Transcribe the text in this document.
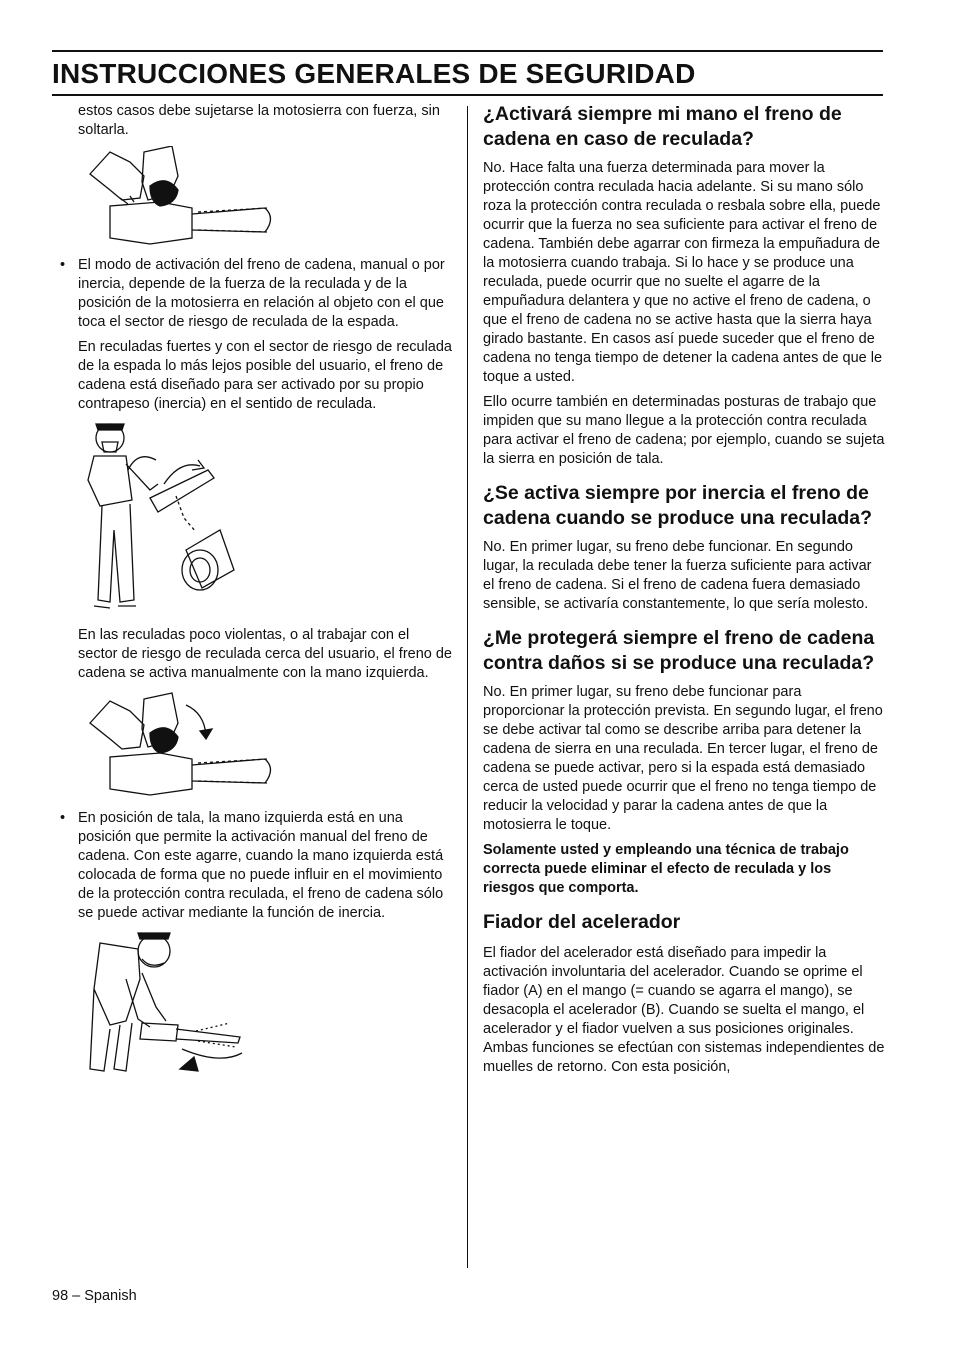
INSTRUCCIONES GENERALES DE SEGURIDAD

estos casos debe sujetarse la motosierra con fuerza, sin soltarla.

• El modo de activación del freno de cadena, manual o por inercia, depende de la fuerza de la reculada y de la posición de la motosierra en relación al objeto con el que toca el sector de riesgo de reculada de la espada.

En reculadas fuertes y con el sector de riesgo de reculada de la espada lo más lejos posible del usuario, el freno de cadena está diseñado para ser activado por su propio contrapeso (inercia) en el sentido de reculada.

En las reculadas poco violentas, o al trabajar con el sector de riesgo de reculada cerca del usuario, el freno de cadena se activa manualmente con la mano izquierda.

• En posición de tala, la mano izquierda está en una posición que permite la activación manual del freno de cadena. Con este agarre, cuando la mano izquierda está colocada de forma que no puede influir en el movimiento de la protección contra reculada, el freno de cadena sólo se puede activar mediante la función de inercia.
¿Activará siempre mi mano el freno de cadena en caso de reculada?

No. Hace falta una fuerza determinada para mover la protección contra reculada hacia adelante. Si su mano sólo roza la protección contra reculada o resbala sobre ella, puede ocurrir que la fuerza no sea suficiente para activar el freno de cadena. También debe agarrar con firmeza la empuñadura de la motosierra cuando trabaja. Si lo hace y se produce una reculada, puede ocurrir que no suelte el agarre de la empuñadura delantera y que no active el freno de cadena, o que el freno de cadena no se active hasta que la sierra haya girado bastante. En casos así puede suceder que el freno de cadena no tenga tiempo de detener la cadena antes de que le toque a usted.

Ello ocurre también en determinadas posturas de trabajo que impiden que su mano llegue a la protección contra reculada para activar el freno de cadena; por ejemplo, cuando se sujeta la sierra en posición de tala.

¿Se activa siempre por inercia el freno de cadena cuando se produce una reculada?

No. En primer lugar, su freno debe funcionar. En segundo lugar, la reculada debe tener la fuerza suficiente para activar el freno de cadena. Si el freno de cadena fuera demasiado sensible, se activaría constantemente, lo que sería molesto.

¿Me protegerá siempre el freno de cadena contra daños si se produce una reculada?

No. En primer lugar, su freno debe funcionar para proporcionar la protección prevista. En segundo lugar, el freno se debe activar tal como se describe arriba para detener la cadena de sierra en una reculada. En tercer lugar, el freno de cadena se puede activar, pero si la espada está demasiado cerca de usted puede ocurrir que el freno no tenga tiempo de reducir la velocidad y parar la cadena antes de que la motosierra le toque.

Solamente usted y empleando una técnica de trabajo correcta puede eliminar el efecto de reculada y los riesgos que comporta.

Fiador del acelerador

El fiador del acelerador está diseñado para impedir la activación involuntaria del acelerador. Cuando se oprime el fiador (A) en el mango (= cuando se agarra el mango), se desacopla el acelerador (B). Cuando se suelta el mango, el acelerador y el fiador vuelven a sus posiciones originales. Ambas funciones se efectúan con sistemas independientes de muelles de retorno. Con esta posición,

98 – Spanish
